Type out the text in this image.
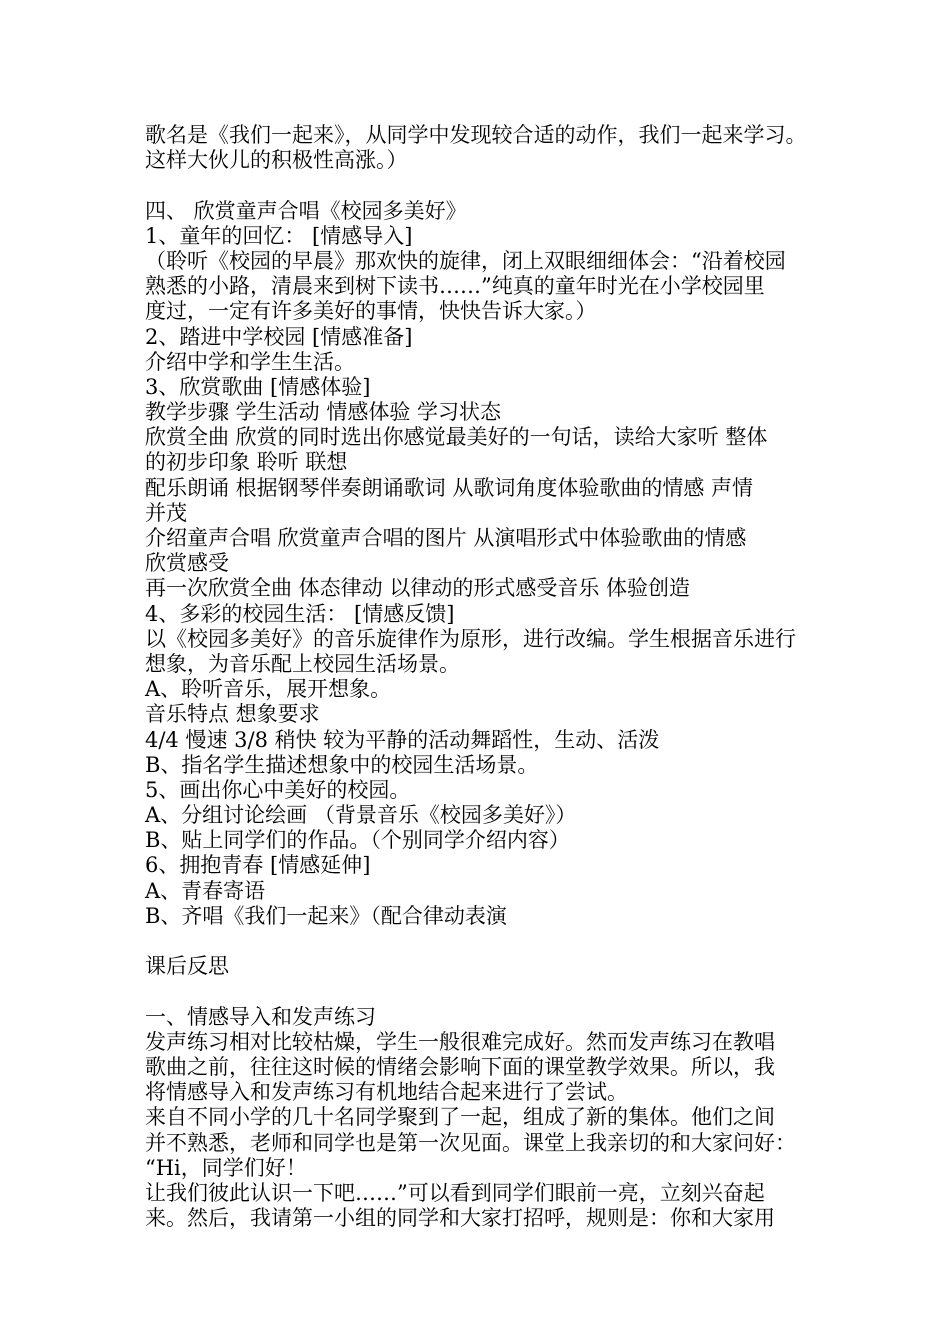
歌名是《我们一起来》，从同学中发现较合适的动作，我们一起来学习。
这样大伙儿的积极性高涨。）
四、 欣赏童声合唱《校园多美好》
1、童年的回忆： [情感导入]
（聆听《校园的早晨》那欢快的旋律，闭上双眼细细体会：“沿着校园
熟悉的小路，清晨来到树下读书……”纯真的童年时光在小学校园里
度过，一定有许多美好的事情，快快告诉大家。）
2、踏进中学校园 [情感准备]
介绍中学和学生生活。
3、欣赏歌曲 [情感体验]
教学步骤 学生活动 情感体验 学习状态
欣赏全曲 欣赏的同时选出你感觉最美好的一句话，读给大家听 整体
的初步印象 聆听 联想
配乐朗诵 根据钢琴伴奏朗诵歌词 从歌词角度体验歌曲的情感 声情
并茂
介绍童声合唱 欣赏童声合唱的图片 从演唱形式中体验歌曲的情感
欣赏感受
再一次欣赏全曲 体态律动 以律动的形式感受音乐 体验创造
4、多彩的校园生活： [情感反馈]
以《校园多美好》的音乐旋律作为原形，进行改编。学生根据音乐进行
想象，为音乐配上校园生活场景。
A、聆听音乐，展开想象。
音乐特点 想象要求
4/4 慢速 3/8 稍快 较为平静的活动舞蹈性，生动、活泼
B、指名学生描述想象中的校园生活场景。
5、画出你心中美好的校园。
A、分组讨论绘画 （背景音乐《校园多美好》）
B、贴上同学们的作品。（个别同学介绍内容）
6、拥抱青春 [情感延伸]
A、青春寄语
B、齐唱《我们一起来》（配合律动表演
课后反思
一、情感导入和发声练习
发声练习相对比较枯燥，学生一般很难完成好。然而发声练习在教唱
歌曲之前，往往这时候的情绪会影响下面的课堂教学效果。所以，我
将情感导入和发声练习有机地结合起来进行了尝试。
来自不同小学的几十名同学聚到了一起，组成了新的集体。他们之间
并不熟悉，老师和同学也是第一次见面。课堂上我亲切的和大家问好：
“Hi，同学们好！
让我们彼此认识一下吧……”可以看到同学们眼前一亮，立刻兴奋起
来。然后，我请第一小组的同学和大家打招呼，规则是：你和大家用
